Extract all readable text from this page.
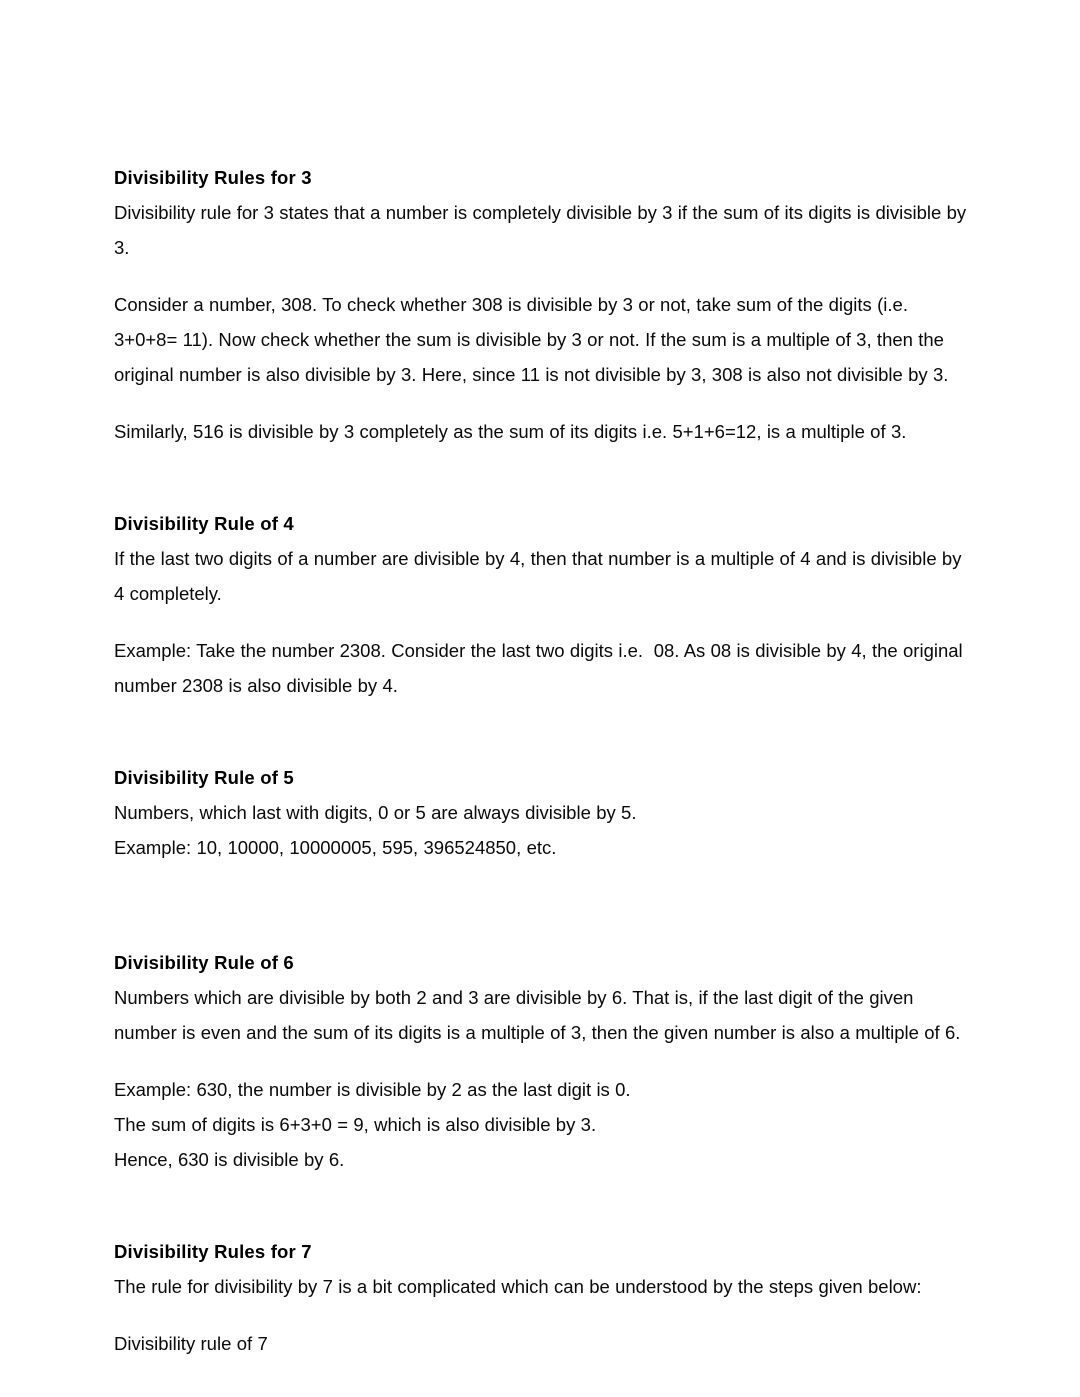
Divisibility Rules for 3

Divisibility rule for 3 states that a number is completely divisible by 3 if the sum of its digits is divisible by 3.

Consider a number, 308. To check whether 308 is divisible by 3 or not, take sum of the digits (i.e. 3+0+8= 11). Now check whether the sum is divisible by 3 or not. If the sum is a multiple of 3, then the original number is also divisible by 3. Here, since 11 is not divisible by 3, 308 is also not divisible by 3.

Similarly, 516 is divisible by 3 completely as the sum of its digits i.e. 5+1+6=12, is a multiple of 3.

Divisibility Rule of 4

If the last two digits of a number are divisible by 4, then that number is a multiple of 4 and is divisible by 4 completely.

Example: Take the number 2308. Consider the last two digits i.e.  08. As 08 is divisible by 4, the original number 2308 is also divisible by 4.

Divisibility Rule of 5

Numbers, which last with digits, 0 or 5 are always divisible by 5.

Example: 10, 10000, 10000005, 595, 396524850, etc.

Divisibility Rule of 6

Numbers which are divisible by both 2 and 3 are divisible by 6. That is, if the last digit of the given number is even and the sum of its digits is a multiple of 3, then the given number is also a multiple of 6.

Example: 630, the number is divisible by 2 as the last digit is 0.

The sum of digits is 6+3+0 = 9, which is also divisible by 3.

Hence, 630 is divisible by 6.

Divisibility Rules for 7

The rule for divisibility by 7 is a bit complicated which can be understood by the steps given below:

Divisibility rule of 7
